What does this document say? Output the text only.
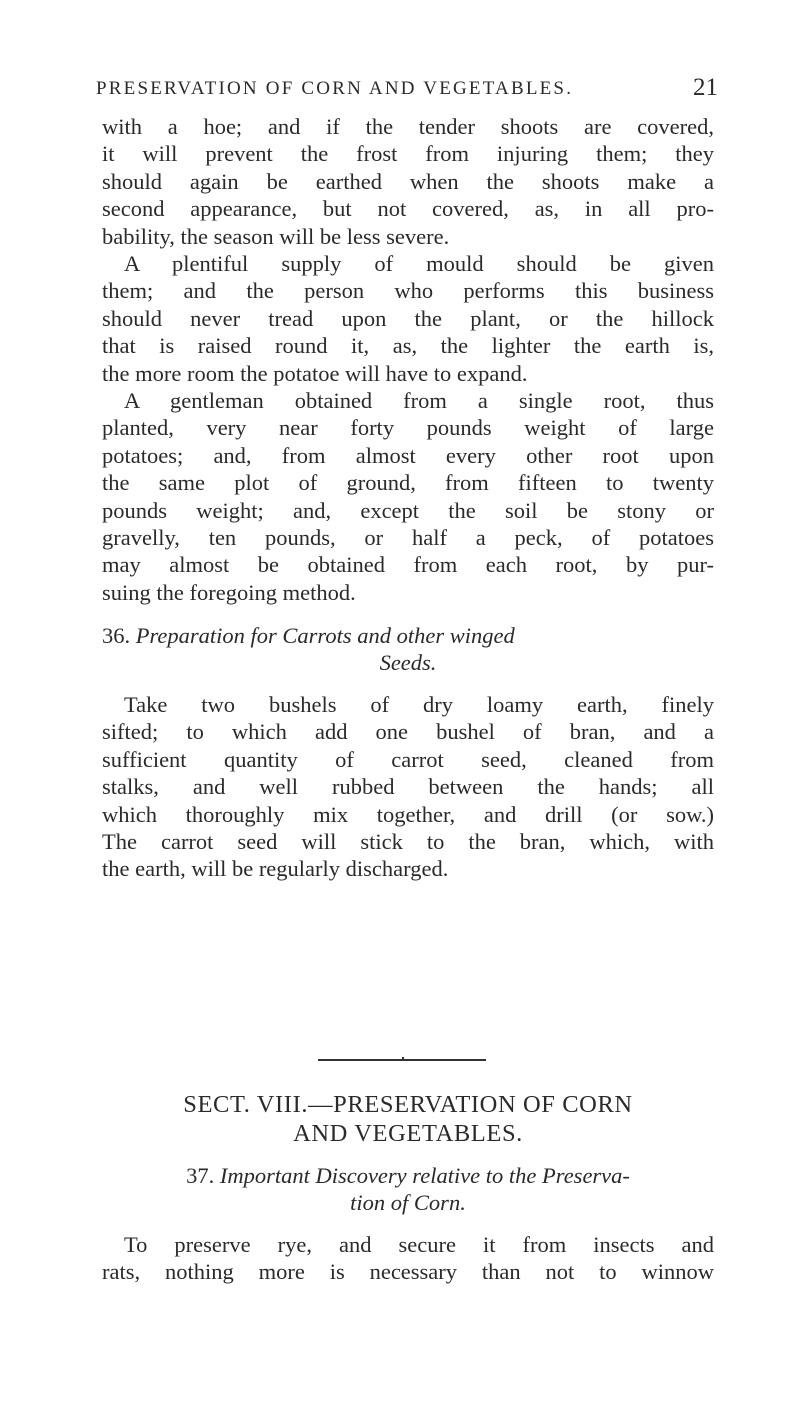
PRESERVATION OF CORN AND VEGETABLES.	21
with a hoe; and if the tender shoots are covered,
it will prevent the frost from injuring them; they
should again be earthed when the shoots make a
second appearance, but not covered, as, in all pro-
bability, the season will be less severe.
A plentiful supply of mould should be given
them; and the person who performs this business
should never tread upon the plant, or the hillock
that is raised round it, as, the lighter the earth is,
the more room the potatoe will have to expand.
A gentleman obtained from a single root, thus
planted, very near forty pounds weight of large
potatoes; and, from almost every other root upon
the same plot of ground, from fifteen to twenty
pounds weight; and, except the soil be stony or
gravelly, ten pounds, or half a peck, of potatoes
may almost be obtained from each root, by pur-
suing the foregoing method.
36. Preparation for Carrots and other winged
Seeds.
Take two bushels of dry loamy earth, finely
sifted; to which add one bushel of bran, and a
sufficient quantity of carrot seed, cleaned from
stalks, and well rubbed between the hands; all
which thoroughly mix together, and drill (or sow.)
The carrot seed will stick to the bran, which, with
the earth, will be regularly discharged.
SECT. VIII.—PRESERVATION OF CORN
AND VEGETABLES.
37. Important Discovery relative to the Preserva-
tion of Corn.
To preserve rye, and secure it from insects and
rats, nothing more is necessary than not to winnow
